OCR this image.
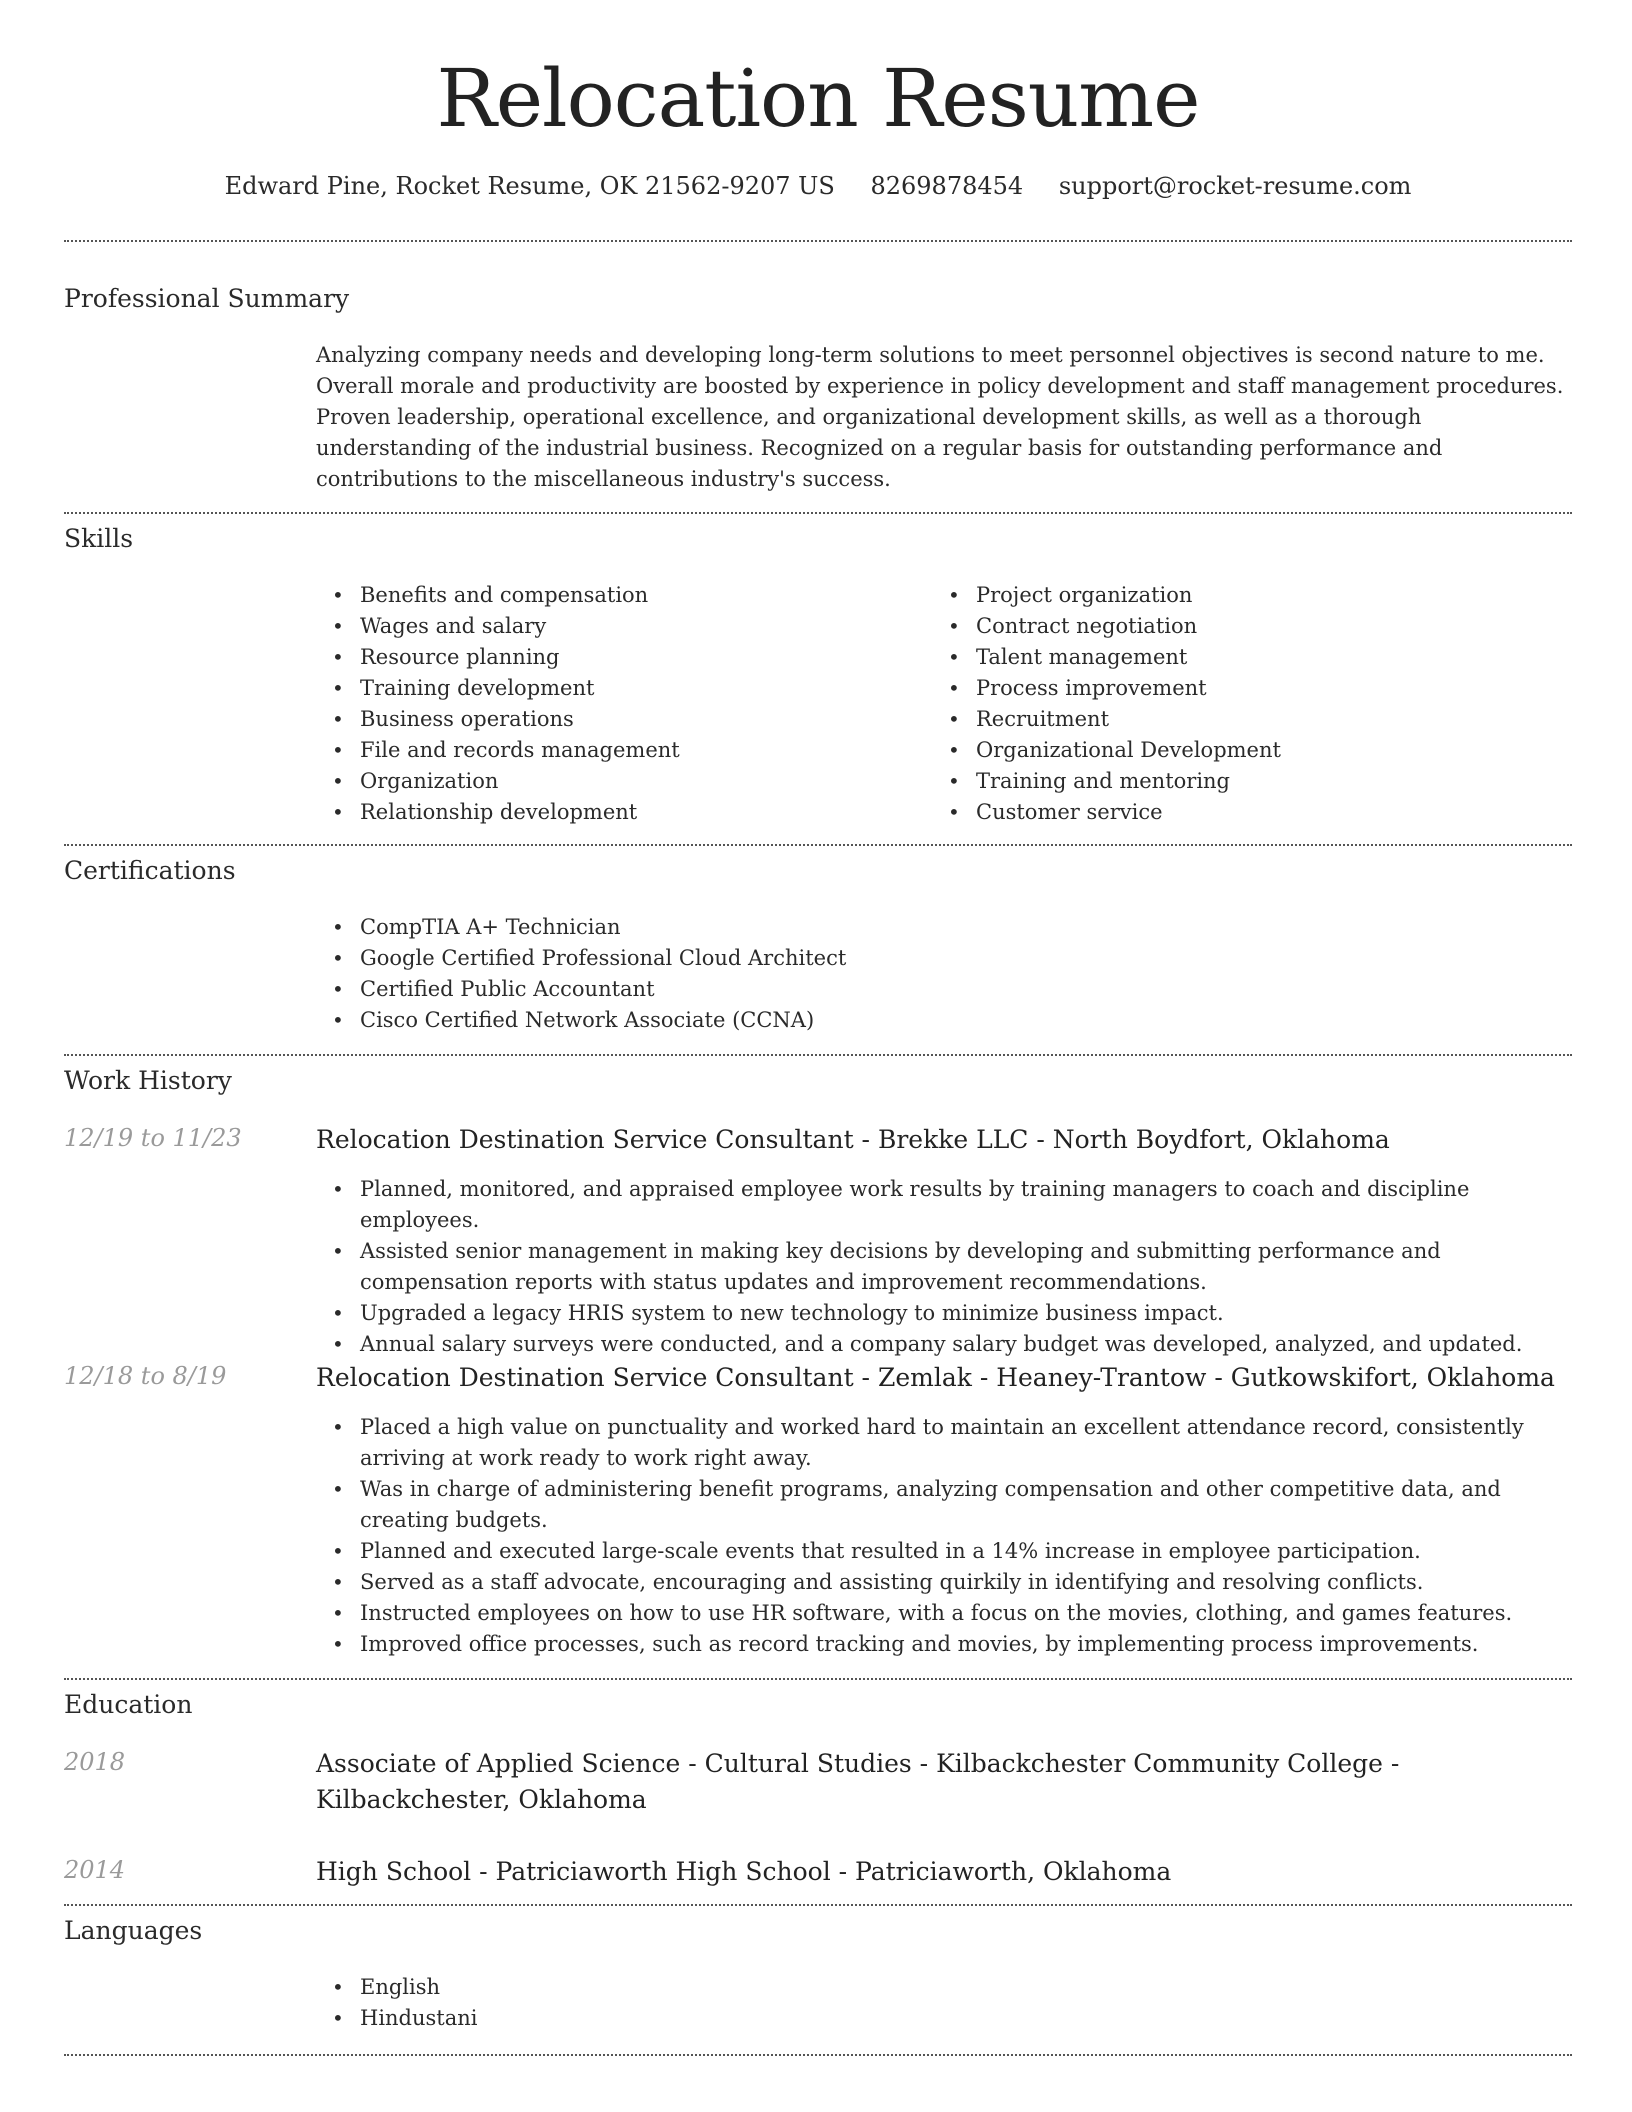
Relocation Resume
Edward Pine, Rocket Resume, OK 21562-9207 US 8269878454 support@rocket-resume.com
Professional Summary
Analyzing company needs and developing long-term solutions to meet personnel objectives is second nature to me. Overall morale and productivity are boosted by experience in policy development and staff management procedures. Proven leadership, operational excellence, and organizational development skills, as well as a thorough understanding of the industrial business. Recognized on a regular basis for outstanding performance and contributions to the miscellaneous industry's success.
Skills
• Benefits and compensation
• Wages and salary
• Resource planning
• Training development
• Business operations
• File and records management
• Organization
• Relationship development
• Project organization
• Contract negotiation
• Talent management
• Process improvement
• Recruitment
• Organizational Development
• Training and mentoring
• Customer service
Certifications
• CompTIA A+ Technician
• Google Certified Professional Cloud Architect
• Certified Public Accountant
• Cisco Certified Network Associate (CCNA)
Work History
12/19 to 11/23	Relocation Destination Service Consultant - Brekke LLC - North Boydfort, Oklahoma
• Planned, monitored, and appraised employee work results by training managers to coach and discipline employees.
• Assisted senior management in making key decisions by developing and submitting performance and compensation reports with status updates and improvement recommendations.
• Upgraded a legacy HRIS system to new technology to minimize business impact.
• Annual salary surveys were conducted, and a company salary budget was developed, analyzed, and updated.
12/18 to 8/19	Relocation Destination Service Consultant - Zemlak - Heaney-Trantow - Gutkowskifort, Oklahoma
• Placed a high value on punctuality and worked hard to maintain an excellent attendance record, consistently arriving at work ready to work right away.
• Was in charge of administering benefit programs, analyzing compensation and other competitive data, and creating budgets.
• Planned and executed large-scale events that resulted in a 14% increase in employee participation.
• Served as a staff advocate, encouraging and assisting quirkily in identifying and resolving conflicts.
• Instructed employees on how to use HR software, with a focus on the movies, clothing, and games features.
• Improved office processes, such as record tracking and movies, by implementing process improvements.
Education
2018	Associate of Applied Science - Cultural Studies - Kilbackchester Community College - Kilbackchester, Oklahoma
2014	High School - Patriciaworth High School - Patriciaworth, Oklahoma
Languages
• English
• Hindustani
